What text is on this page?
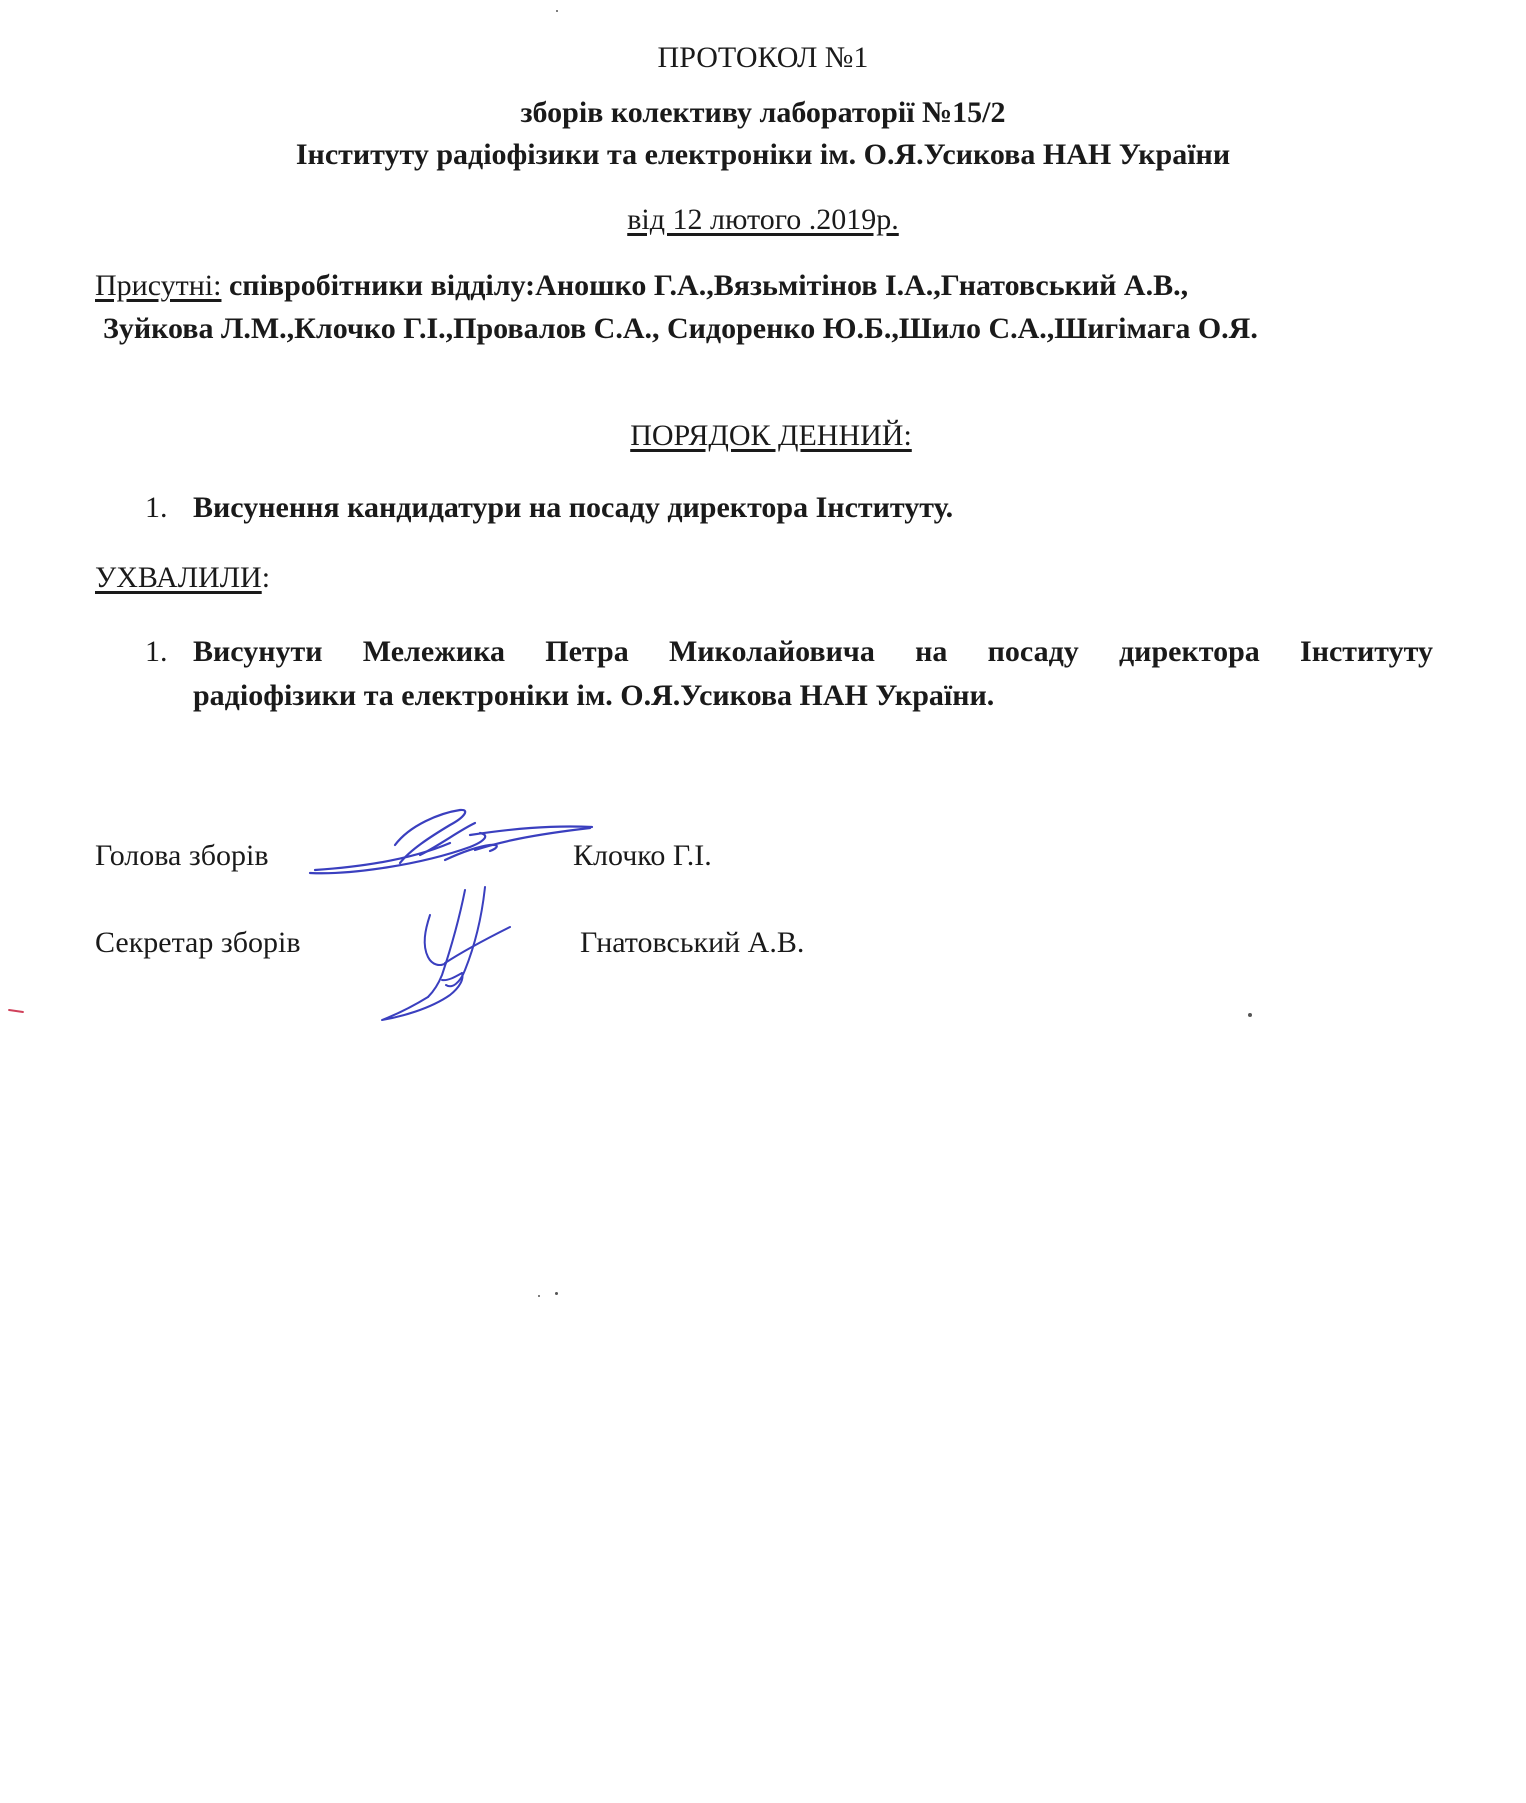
ПРОТОКОЛ №1
зборів колективу лабораторії №15/2
Інституту радіофізики та електроніки ім. О.Я.Усикова НАН України
від 12 лютого .2019р.
Присутні: співробітники відділу:Аношко Г.А.,Вязьмітінов І.А.,Гнатовський А.В.,
Зуйкова Л.М.,Клочко Г.І.,Провалов С.А., Сидоренко Ю.Б.,Шило С.А.,Шигімага О.Я.
ПОРЯДОК ДЕННИЙ:
1. Висунення кандидатури на посаду директора Інституту.
УХВАЛИЛИ:
1. Висунути Мележика Петра Миколайовича на посаду директора Інституту
радіофізики та електроніки ім. О.Я.Усикова НАН України.
Голова зборів	Клочко Г.І.
Секретар зборів	Гнатовський А.В.
